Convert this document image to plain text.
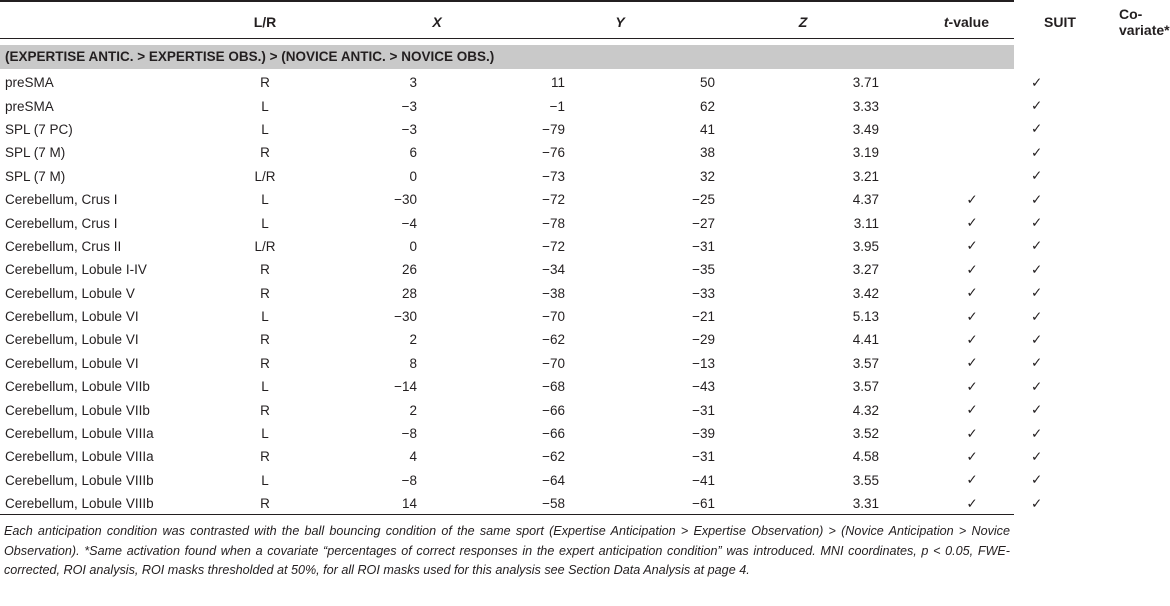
	L/R	X	Y	Z	t-value	SUIT	Co-variate*
(EXPERTISE ANTIC. > EXPERTISE OBS.) > (NOVICE ANTIC. > NOVICE OBS.)
preSMA	R	3	11	50	3.71		✓
preSMA	L	−3	−1	62	3.33		✓
SPL (7 PC)	L	−3	−79	41	3.49		✓
SPL (7 M)	R	6	−76	38	3.19		✓
SPL (7 M)	L/R	0	−73	32	3.21		✓
Cerebellum, Crus I	L	−30	−72	−25	4.37	✓	✓
Cerebellum, Crus I	L	−4	−78	−27	3.11	✓	✓
Cerebellum, Crus II	L/R	0	−72	−31	3.95	✓	✓
Cerebellum, Lobule I-IV	R	26	−34	−35	3.27	✓	✓
Cerebellum, Lobule V	R	28	−38	−33	3.42	✓	✓
Cerebellum, Lobule VI	L	−30	−70	−21	5.13	✓	✓
Cerebellum, Lobule VI	R	2	−62	−29	4.41	✓	✓
Cerebellum, Lobule VI	R	8	−70	−13	3.57	✓	✓
Cerebellum, Lobule VIIb	L	−14	−68	−43	3.57	✓	✓
Cerebellum, Lobule VIIb	R	2	−66	−31	4.32	✓	✓
Cerebellum, Lobule VIIIa	L	−8	−66	−39	3.52	✓	✓
Cerebellum, Lobule VIIIa	R	4	−62	−31	4.58	✓	✓
Cerebellum, Lobule VIIIb	L	−8	−64	−41	3.55	✓	✓
Cerebellum, Lobule VIIIb	R	14	−58	−61	3.31	✓	✓
Each anticipation condition was contrasted with the ball bouncing condition of the same sport (Expertise Anticipation > Expertise Observation) > (Novice Anticipation > Novice Observation). *Same activation found when a covariate “percentages of correct responses in the expert anticipation condition” was introduced. MNI coordinates, p < 0.05, FWE-corrected, ROI analysis, ROI masks thresholded at 50%, for all ROI masks used for this analysis see Section Data Analysis at page 4.
